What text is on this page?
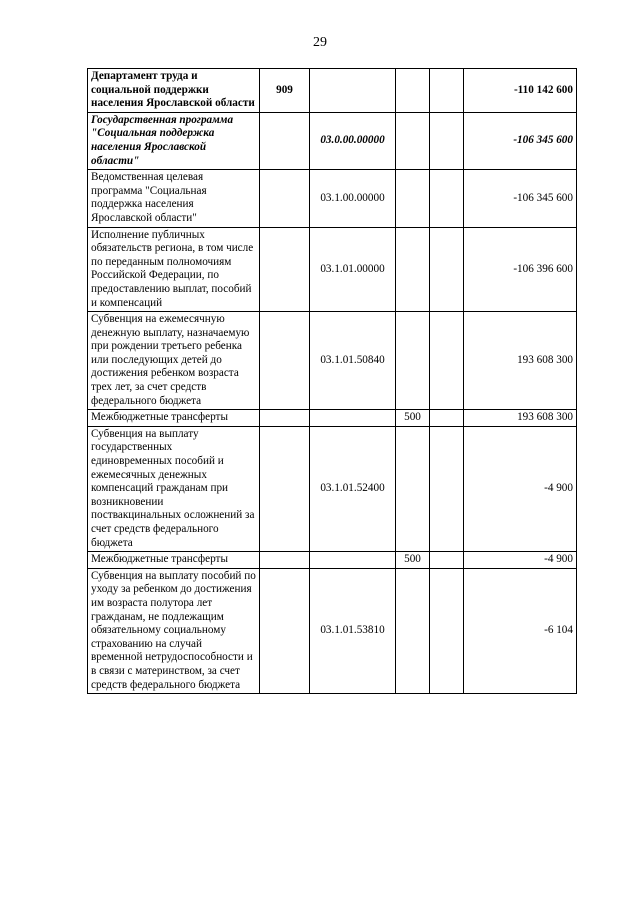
29
Департамент труда и социальной поддержки населения Ярославской области	909				-110 142 600
Государственная программа "Социальная поддержка населения Ярославской области"		03.0.00.00000			-106 345 600
Ведомственная целевая программа "Социальная поддержка населения Ярославской области"		03.1.00.00000			-106 345 600
Исполнение публичных обязательств региона, в том числе по переданным полномочиям Российской Федерации, по предоставлению выплат, пособий и компенсаций		03.1.01.00000			-106 396 600
Субвенция на ежемесячную денежную выплату, назначаемую при рождении третьего ребенка или последующих детей до достижения ребенком возраста трех лет, за счет средств федерального бюджета		03.1.01.50840			193 608 300
Межбюджетные трансферты			500		193 608 300
Субвенция на выплату государственных единовременных пособий и ежемесячных денежных компенсаций гражданам при возникновении поствакцинальных осложнений за счет средств федерального бюджета		03.1.01.52400			-4 900
Межбюджетные трансферты			500		-4 900
Субвенция на выплату пособий по уходу за ребенком до достижения им возраста полутора лет гражданам, не подлежащим обязательному социальному страхованию на случай временной нетрудоспособности и в связи с материнством, за счет средств федерального бюджета		03.1.01.53810			-6 104
